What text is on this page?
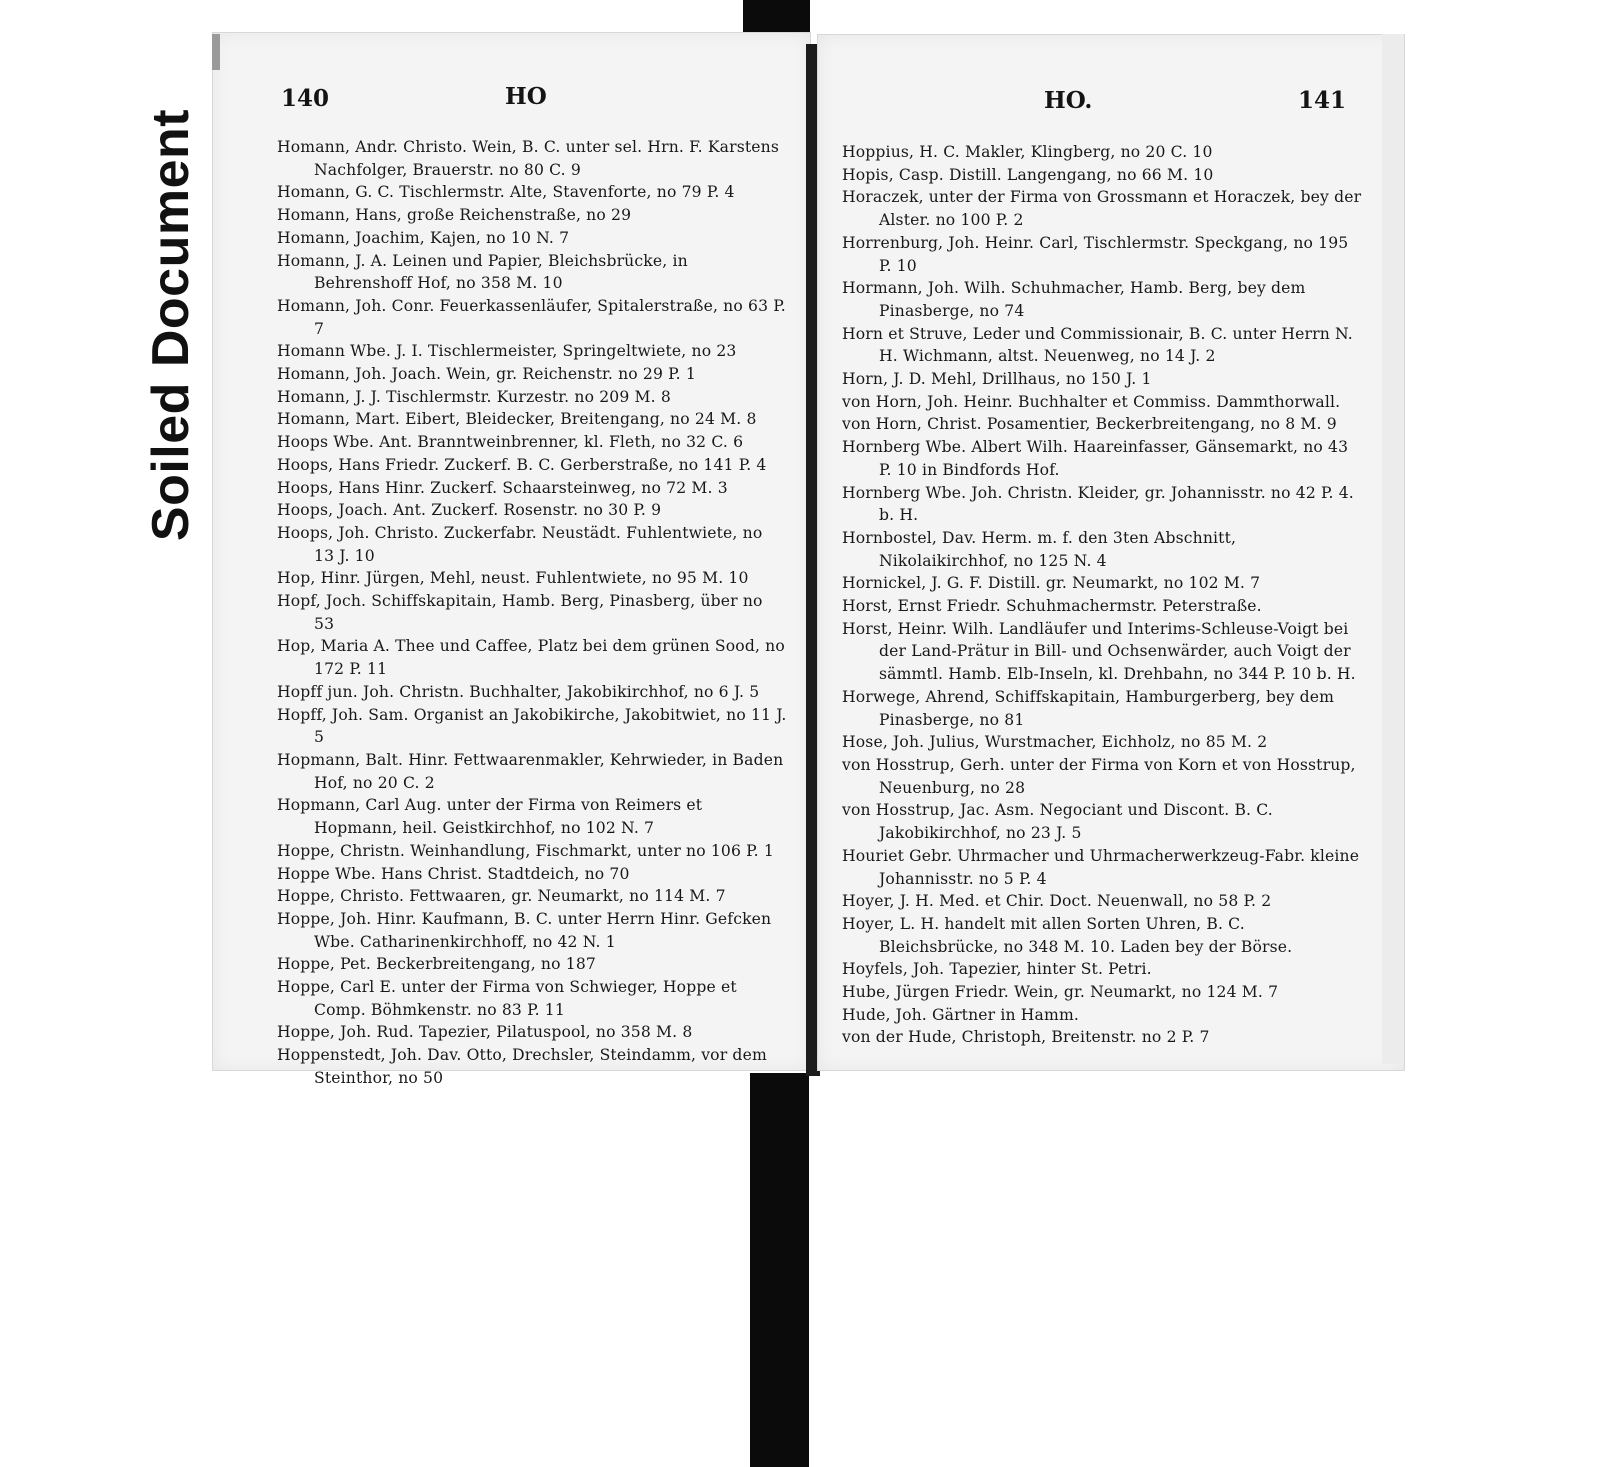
Soiled Document
140	HO
Homann, Andr. Christo. Wein, B. C. unter sel. Hrn. F. Karstens Nachfolger, Brauerstr. no 80 C. 9
Homann, G. C. Tischlermstr. Alte, Stavenforte, no 79 P. 4
Homann, Hans, große Reichenstraße, no 29
Homann, Joachim, Kajen, no 10 N. 7
Homann, J. A. Leinen und Papier, Bleichsbrücke, in Behrenshoff Hof, no 358 M. 10
Homann, Joh. Conr. Feuerkassenläufer, Spitalerstraße, no 63 P. 7
Homann Wbe. J. I. Tischlermeister, Springeltwiete, no 23
Homann, Joh. Joach. Wein, gr. Reichenstr. no 29 P. 1
Homann, J. J. Tischlermstr. Kurzestr. no 209 M. 8
Homann, Mart. Eibert, Bleidecker, Breitengang, no 24 M. 8
Hoops Wbe. Ant. Branntweinbrenner, kl. Fleth, no 32 C. 6
Hoops, Hans Friedr. Zuckerf. B. C. Gerberstraße, no 141 P. 4
Hoops, Hans Hinr. Zuckerf. Schaarsteinweg, no 72 M. 3
Hoops, Joach. Ant. Zuckerf. Rosenstr. no 30 P. 9
Hoops, Joh. Christo. Zuckerfabr. Neustädt. Fuhlentwiete, no 13 J. 10
Hop, Hinr. Jürgen, Mehl, neust. Fuhlentwiete, no 95 M. 10
Hopf, Joch. Schiffskapitain, Hamb. Berg, Pinasberg, über no 53
Hop, Maria A. Thee und Caffee, Platz bei dem grünen Sood, no 172 P. 11
Hopff jun. Joh. Christn. Buchhalter, Jakobikirchhof, no 6 J. 5
Hopff, Joh. Sam. Organist an Jakobikirche, Jakobitwiet, no 11 J. 5
Hopmann, Balt. Hinr. Fettwaarenmakler, Kehrwieder, in Baden Hof, no 20 C. 2
Hopmann, Carl Aug. unter der Firma von Reimers et Hopmann, heil. Geistkirchhof, no 102 N. 7
Hoppe, Christn. Weinhandlung, Fischmarkt, unter no 106 P. 1
Hoppe Wbe. Hans Christ. Stadtdeich, no 70
Hoppe, Christo. Fettwaaren, gr. Neumarkt, no 114 M. 7
Hoppe, Joh. Hinr. Kaufmann, B. C. unter Herrn Hinr. Gefcken Wbe. Catharinenkirchhoff, no 42 N. 1
Hoppe, Pet. Beckerbreitengang, no 187
Hoppe, Carl E. unter der Firma von Schwieger, Hoppe et Comp. Böhmkenstr. no 83 P. 11
Hoppe, Joh. Rud. Tapezier, Pilatuspool, no 358 M. 8
Hoppenstedt, Joh. Dav. Otto, Drechsler, Steindamm, vor dem Steinthor, no 50
HO.	141
Hoppius, H. C. Makler, Klingberg, no 20 C. 10
Hopis, Casp. Distill. Langengang, no 66 M. 10
Horaczek, unter der Firma von Grossmann et Horaczek, bey der Alster. no 100 P. 2
Horrenburg, Joh. Heinr. Carl, Tischlermstr. Speckgang, no 195 P. 10
Hormann, Joh. Wilh. Schuhmacher, Hamb. Berg, bey dem Pinasberge, no 74
Horn et Struve, Leder und Commissionair, B. C. unter Herrn N. H. Wichmann, altst. Neuenweg, no 14 J. 2
Horn, J. D. Mehl, Drillhaus, no 150 J. 1
von Horn, Joh. Heinr. Buchhalter et Commiss. Dammthorwall.
von Horn, Christ. Posamentier, Beckerbreitengang, no 8 M. 9
Hornberg Wbe. Albert Wilh. Haareinfasser, Gänsemarkt, no 43 P. 10 in Bindfords Hof.
Hornberg Wbe. Joh. Christn. Kleider, gr. Johannisstr. no 42 P. 4. b. H.
Hornbostel, Dav. Herm. m. f. den 3ten Abschnitt, Nikolaikirchhof, no 125 N. 4
Hornickel, J. G. F. Distill. gr. Neumarkt, no 102 M. 7
Horst, Ernst Friedr. Schuhmachermstr. Peterstraße.
Horst, Heinr. Wilh. Landläufer und Interims-Schleuse-Voigt bei der Land-Prätur in Bill- und Ochsenwärder, auch Voigt der sämmtl. Hamb. Elb-Inseln, kl. Drehbahn, no 344 P. 10 b. H.
Horwege, Ahrend, Schiffskapitain, Hamburgerberg, bey dem Pinasberge, no 81
Hose, Joh. Julius, Wurstmacher, Eichholz, no 85 M. 2
von Hosstrup, Gerh. unter der Firma von Korn et von Hosstrup, Neuenburg, no 28
von Hosstrup, Jac. Asm. Negociant und Discont. B. C. Jakobikirchhof, no 23 J. 5
Houriet Gebr. Uhrmacher und Uhrmacherwerkzeug-Fabr. kleine Johannisstr. no 5 P. 4
Hoyer, J. H. Med. et Chir. Doct. Neuenwall, no 58 P. 2
Hoyer, L. H. handelt mit allen Sorten Uhren, B. C. Bleichsbrücke, no 348 M. 10. Laden bey der Börse.
Hoyfels, Joh. Tapezier, hinter St. Petri.
Hube, Jürgen Friedr. Wein, gr. Neumarkt, no 124 M. 7
Hude, Joh. Gärtner in Hamm.
von der Hude, Christoph, Breitenstr. no 2 P. 7
